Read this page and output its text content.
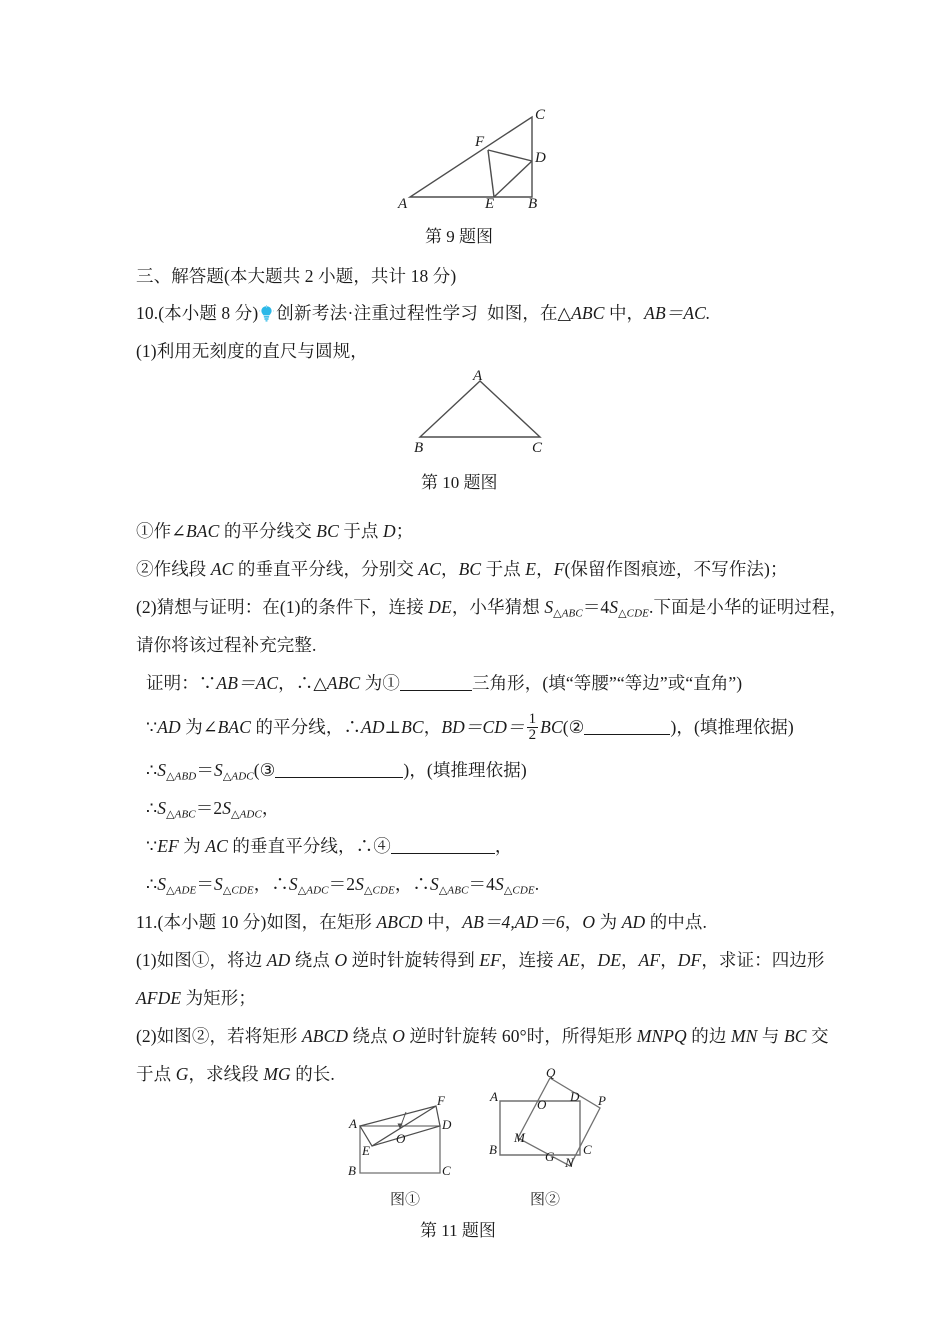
A	B
C
D
E
F
第 9 题图
三、解答题(本大题共 2 小题，共计 18 分)
10.(本小题 8 分) 创新考法·注重过程性学习 如图，在△ABC 中，AB＝AC.
(1)利用无刻度的直尺与圆规，
A
B	C
第 10 题图
①作∠BAC 的平分线交 BC 于点 D；
②作线段 AC 的垂直平分线，分别交 AC，BC 于点 E，F(保留作图痕迹，不写作法)；
(2)猜想与证明：在(1)的条件下，连接 DE，小华猜想 $S_{\triangle ABC}=4S_{\triangle CDE}$.下面是小华的证明过程，
请你将该过程补充完整.
证明：∵AB＝AC，∴△ABC 为①	三角形，(填“等腰”“等边”或“直角”)
∵AD 为∠BAC 的平分线，∴AD⊥BC，$BD=CD= \frac{1}{2}$ BC(②	)，(填推理依据)
$\therefore S_{\triangle ABD}=S_{\triangle ADC}(③$	)，(填推理依据)
$\therefore S_{\triangle ABC}=2S_{\triangle ADC}$，
∵EF 为 AC 的垂直平分线，∴④	，
$\therefore S_{\triangle ADE}=S_{\triangle CDE}$，$\therefore S_{\triangle ADC}=2S_{\triangle CDE}$，$\therefore S_{\triangle ABC}=4S_{\triangle CDE}$.
11.(本小题 10 分)如图，在矩形 ABCD 中，AB＝4,AD＝6，O 为 AD 的中点.
(1)如图①，将边 AD 绕点 O 逆时针旋转得到 EF，连接 AE，DE，AF，DF，求证：四边形
AFDE 为矩形；
(2)如图②，若将矩形 ABCD 绕点 O 逆时针旋转 60°时，所得矩形 MNPQ 的边 MN 与 BC 交
于点 G，求线段 MG 的长.
A
B	C
D
E
F
O
图①
A
B	C
D
O
M
N
P
Q
G
图②
第 11 题图
